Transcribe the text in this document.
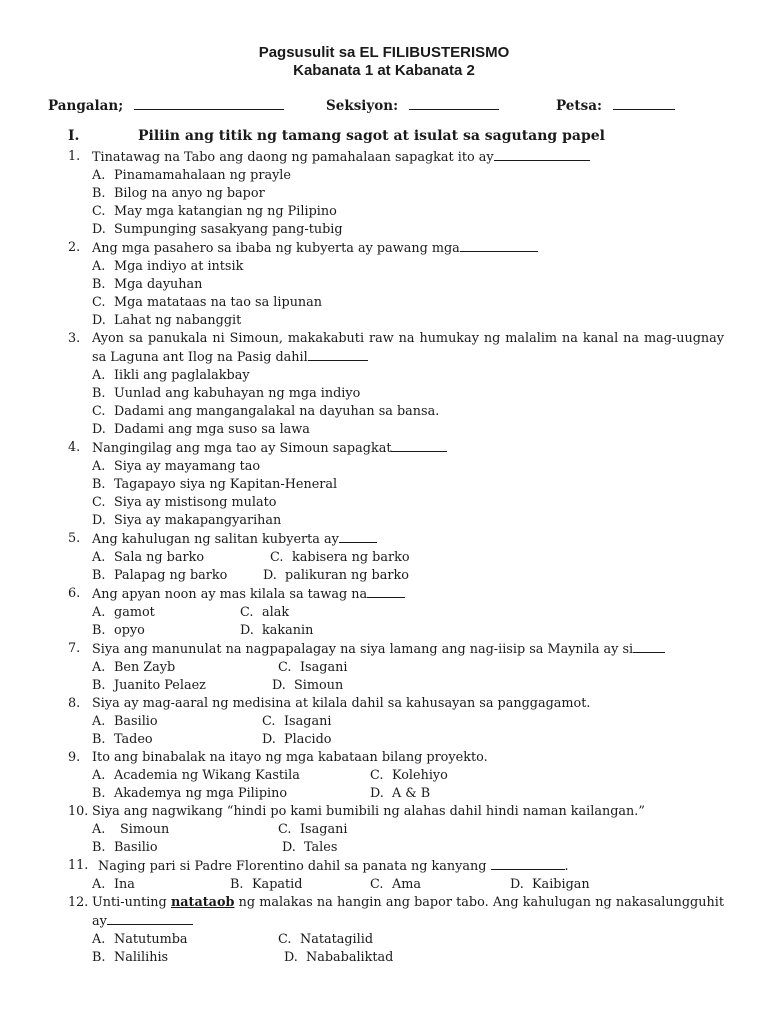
Pagsusulit sa EL FILIBUSTERISMO
Kabanata 1 at Kabanata 2
Pangalan;	Seksiyon:	Petsa:
I.	Piliin ang titik ng tamang sagot at isulat sa sagutang papel
1. Tinatawag na Tabo ang daong ng pamahalaan sapagkat ito ay
A. Pinamamahalaan ng prayle
B. Bilog na anyo ng bapor
C. May mga katangian ng ng Pilipino
D. Sumpunging sasakyang pang-tubig
2. Ang mga pasahero sa ibaba ng kubyerta ay pawang mga
A. Mga indiyo at intsik
B. Mga dayuhan
C. Mga matataas na tao sa lipunan
D. Lahat ng nabanggit
3. Ayon sa panukala ni Simoun, makakabuti raw na humukay ng malalim na kanal na mag-uugnay sa Laguna ant Ilog na Pasig dahil
A. Iikli ang paglalakbay
B. Uunlad ang kabuhayan ng mga indiyo
C. Dadami ang mangangalakal na dayuhan sa bansa.
D. Dadami ang mga suso sa lawa
4. Nangingilag ang mga tao ay Simoun sapagkat
A. Siya ay mayamang tao
B. Tagapayo siya ng Kapitan-Heneral
C. Siya ay mistisong mulato
D. Siya ay makapangyarihan
5. Ang kahulugan ng salitan kubyerta ay
A. Sala ng barko	C. kabisera ng barko
B. Palapag ng barko	D. palikuran ng barko
6. Ang apyan noon ay mas kilala sa tawag na
A. gamot	C. alak
B. opyo	D. kakanin
7. Siya ang manunulat na nagpapalagay na siya lamang ang nag-iisip sa Maynila ay si
A. Ben Zayb	C. Isagani
B. Juanito Pelaez	D. Simoun
8. Siya ay mag-aaral ng medisina at kilala dahil sa kahusayan sa panggagamot.
A. Basilio	C. Isagani
B. Tadeo	D. Placido
9. Ito ang binabalak na itayo ng mga kabataan bilang proyekto.
A. Academia ng Wikang Kastila	C. Kolehiyo
B. Akademya ng mga Pilipino	D. A & B
10. Siya ang nagwikang “hindi po kami bumibili ng alahas dahil hindi naman kailangan.”
A. Simoun	C. Isagani
B. Basilio	D. Tales
11. Naging pari si Padre Florentino dahil sa panata ng kanyang	.
A. Ina	B. Kapatid	C. Ama	D. Kaibigan
12. Unti-unting natataob ng malakas na hangin ang bapor tabo. Ang kahulugan ng nakasalungguhit ay
A. Natutumba	C. Natatagilid
B. Nalilihis	D. Nababaliktad
